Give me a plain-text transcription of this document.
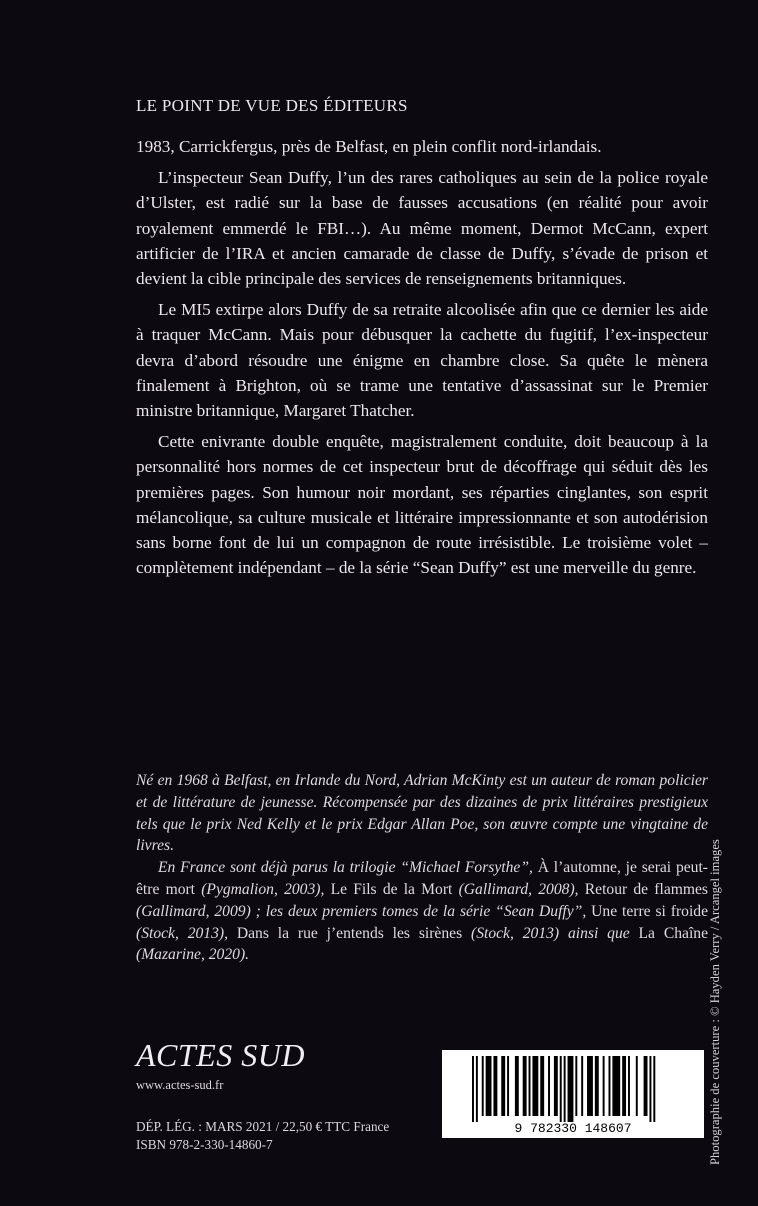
LE POINT DE VUE DES ÉDITEURS

1983, Carrickfergus, près de Belfast, en plein conflit nord-irlandais.

L’inspecteur Sean Duffy, l’un des rares catholiques au sein de la police royale d’Ulster, est radié sur la base de fausses accusations (en réalité pour avoir royalement emmerdé le FBI…). Au même moment, Dermot McCann, expert artificier de l’IRA et ancien camarade de classe de Duffy, s’évade de prison et devient la cible principale des services de renseignements britanniques.

Le MI5 extirpe alors Duffy de sa retraite alcoolisée afin que ce dernier les aide à traquer McCann. Mais pour débusquer la cachette du fugitif, l’ex-inspecteur devra d’abord résoudre une énigme en chambre close. Sa quête le mènera finalement à Brighton, où se trame une tentative d’assassinat sur le Premier ministre britannique, Margaret Thatcher.

Cette enivrante double enquête, magistralement conduite, doit beaucoup à la personnalité hors normes de cet inspecteur brut de décoffrage qui séduit dès les premières pages. Son humour noir mordant, ses réparties cinglantes, son esprit mélancolique, sa culture musicale et littéraire impressionnante et son autodérision sans borne font de lui un compagnon de route irrésistible. Le troisième volet – complètement indépendant – de la série “Sean Duffy” est une merveille du genre.

Né en 1968 à Belfast, en Irlande du Nord, Adrian McKinty est un auteur de roman policier et de littérature de jeunesse. Récompensée par des dizaines de prix littéraires prestigieux tels que le prix Ned Kelly et le prix Edgar Allan Poe, son œuvre compte une vingtaine de livres.

En France sont déjà parus la trilogie “Michael Forsythe”, À l’automne, je serai peut-être mort (Pygmalion, 2003), Le Fils de la Mort (Gallimard, 2008), Retour de flammes (Gallimard, 2009) ; les deux premiers tomes de la série “Sean Duffy”, Une terre si froide (Stock, 2013), Dans la rue j’entends les sirènes (Stock, 2013) ainsi que La Chaîne (Mazarine, 2020).

ACTES SUD
www.actes-sud.fr
DÉP. LÉG. : MARS 2021 / 22,50 € TTC France
ISBN 978-2-330-14860-7
9 782330 148607	Photographie de couverture : © Hayden Verry / Arcangel images
